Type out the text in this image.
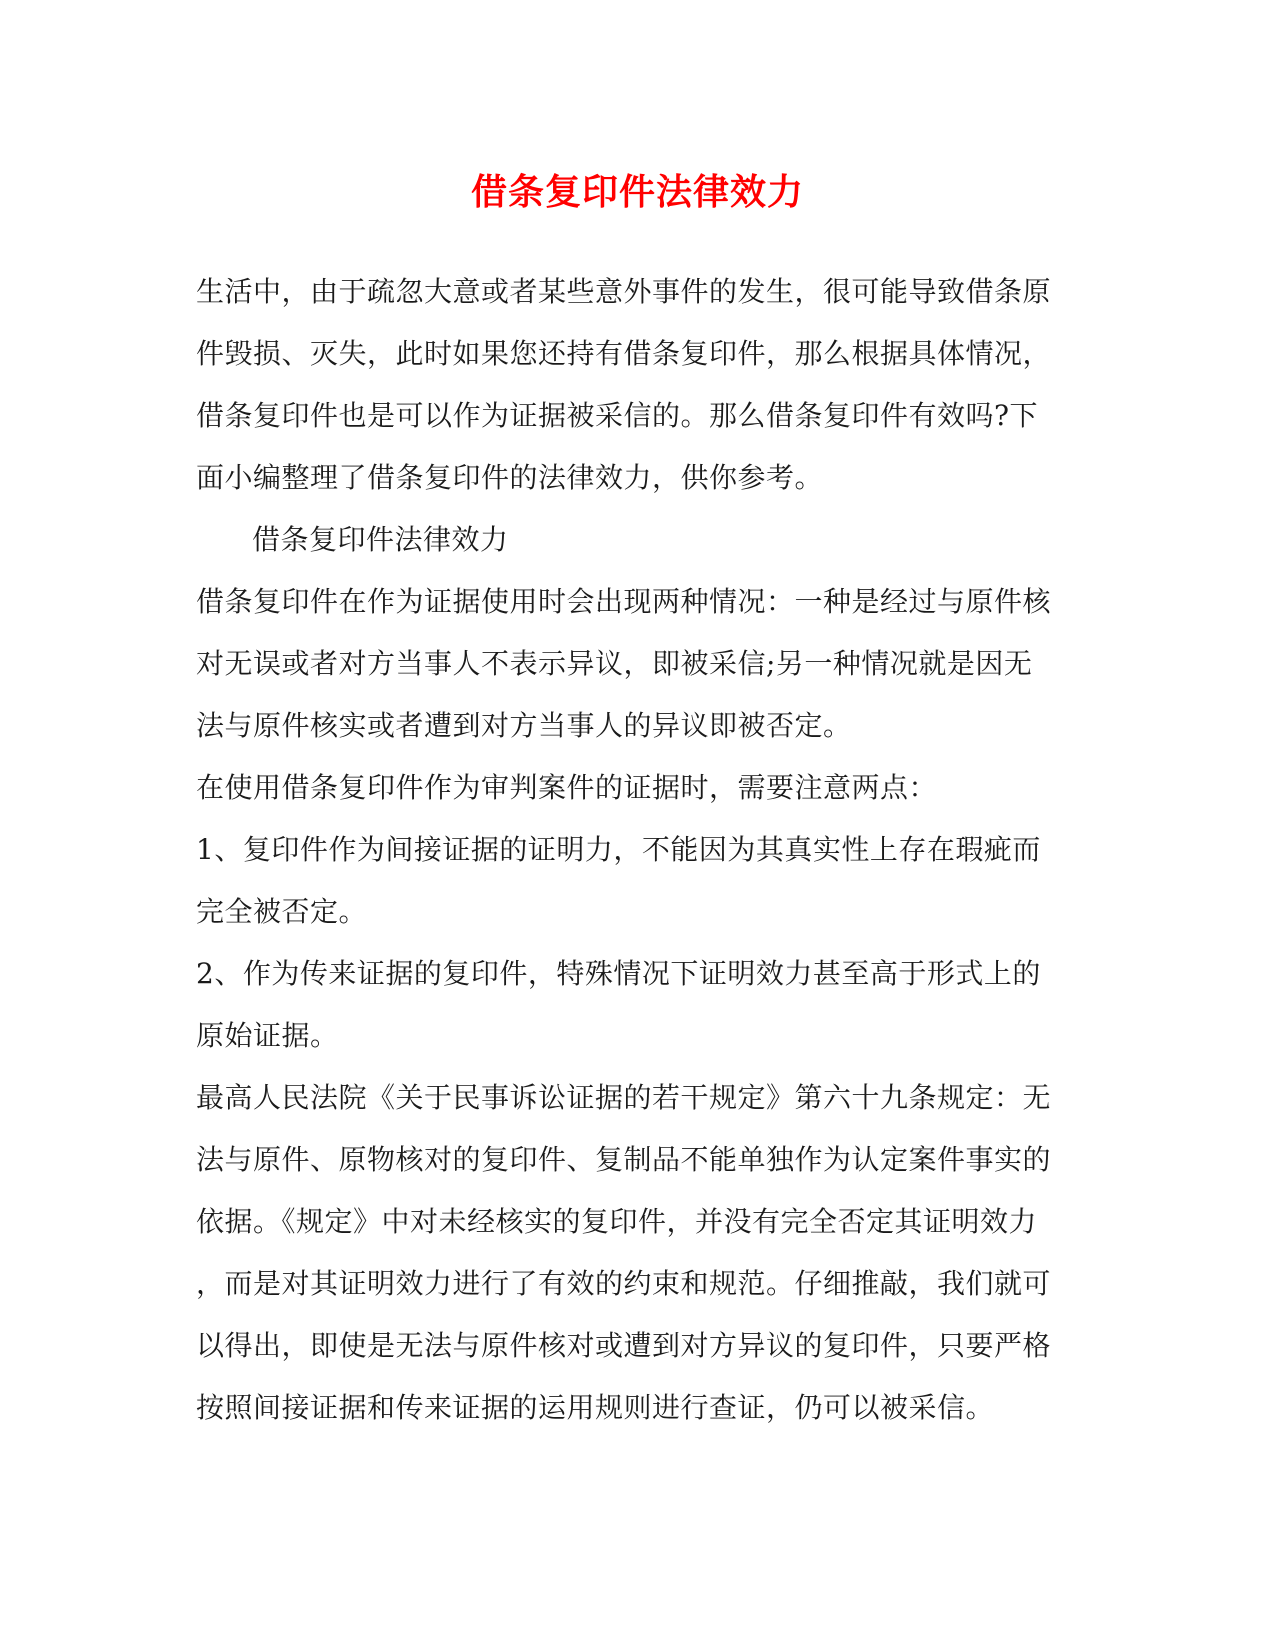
借条复印件法律效力

生活中，由于疏忽大意或者某些意外事件的发生，很可能导致借条原

件毁损、灭失，此时如果您还持有借条复印件，那么根据具体情况，

借条复印件也是可以作为证据被采信的。那么借条复印件有效吗?下

面小编整理了借条复印件的法律效力，供你参考。

借条复印件法律效力

借条复印件在作为证据使用时会出现两种情况：一种是经过与原件核

对无误或者对方当事人不表示异议，即被采信;另一种情况就是因无

法与原件核实或者遭到对方当事人的异议即被否定。

在使用借条复印件作为审判案件的证据时，需要注意两点：

1、复印件作为间接证据的证明力，不能因为其真实性上存在瑕疵而

完全被否定。

2、作为传来证据的复印件，特殊情况下证明效力甚至高于形式上的

原始证据。

最高人民法院《关于民事诉讼证据的若干规定》第六十九条规定：无

法与原件、原物核对的复印件、复制品不能单独作为认定案件事实的

依据。《规定》中对未经核实的复印件，并没有完全否定其证明效力

，而是对其证明效力进行了有效的约束和规范。仔细推敲，我们就可

以得出，即使是无法与原件核对或遭到对方异议的复印件，只要严格

按照间接证据和传来证据的运用规则进行查证，仍可以被采信。
